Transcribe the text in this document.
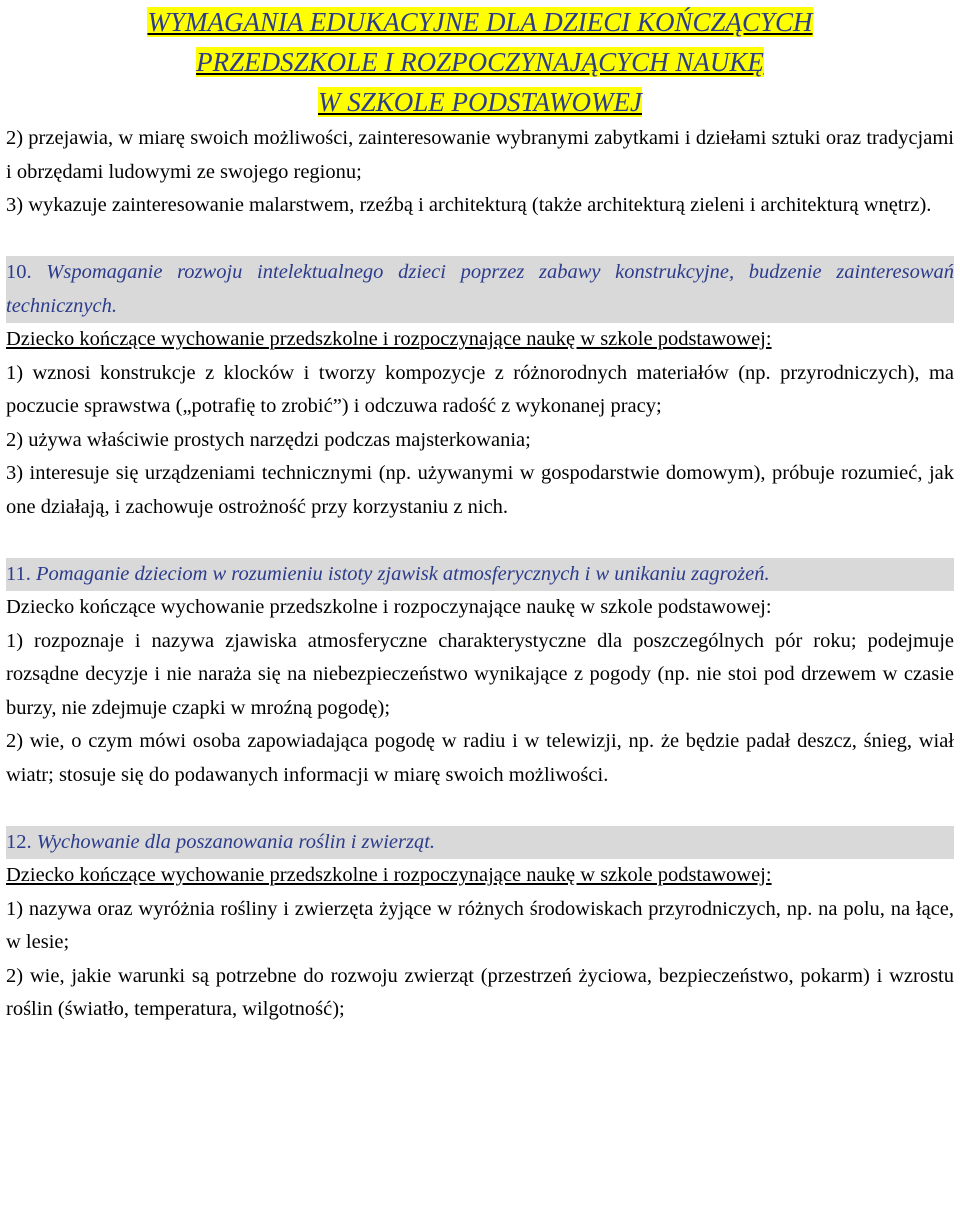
WYMAGANIA EDUKACYJNE DLA DZIECI KOŃCZĄCYCH
PRZEDSZKOLE I ROZPOCZYNAJĄCYCH NAUKĘ
W SZKOLE PODSTAWOWEJ

2) przejawia, w miarę swoich możliwości, zainteresowanie wybranymi zabytkami i dziełami sztuki oraz tradycjami i obrzędami ludowymi ze swojego regionu;

3) wykazuje zainteresowanie malarstwem, rzeźbą i architekturą (także architekturą zieleni i architekturą wnętrz).

10. Wspomaganie rozwoju intelektualnego dzieci poprzez zabawy konstrukcyjne, budzenie zainteresowań technicznych.

Dziecko kończące wychowanie przedszkolne i rozpoczynające naukę w szkole podstawowej:

1) wznosi konstrukcje z klocków i tworzy kompozycje z różnorodnych materiałów (np. przyrodniczych), ma poczucie sprawstwa („potrafię to zrobić”) i odczuwa radość z wykonanej pracy;

2) używa właściwie prostych narzędzi podczas majsterkowania;

3) interesuje się urządzeniami technicznymi (np. używanymi w gospodarstwie domowym), próbuje rozumieć, jak one działają, i zachowuje ostrożność przy korzystaniu z nich.

11. Pomaganie dzieciom w rozumieniu istoty zjawisk atmosferycznych i w unikaniu zagrożeń.

Dziecko kończące wychowanie przedszkolne i rozpoczynające naukę w szkole podstawowej:

1) rozpoznaje i nazywa zjawiska atmosferyczne charakterystyczne dla poszczególnych pór roku; podejmuje rozsądne decyzje i nie naraża się na niebezpieczeństwo wynikające z pogody (np. nie stoi pod drzewem w czasie burzy, nie zdejmuje czapki w mroźną pogodę);

2) wie, o czym mówi osoba zapowiadająca pogodę w radiu i w telewizji, np. że będzie padał deszcz, śnieg, wiał wiatr; stosuje się do podawanych informacji w miarę swoich możliwości.

12. Wychowanie dla poszanowania roślin i zwierząt.

Dziecko kończące wychowanie przedszkolne i rozpoczynające naukę w szkole podstawowej:

1) nazywa oraz wyróżnia rośliny i zwierzęta żyjące w różnych środowiskach przyrodniczych, np. na polu, na łące, w lesie;

2) wie, jakie warunki są potrzebne do rozwoju zwierząt (przestrzeń życiowa, bezpieczeństwo, pokarm) i wzrostu roślin (światło, temperatura, wilgotność);
